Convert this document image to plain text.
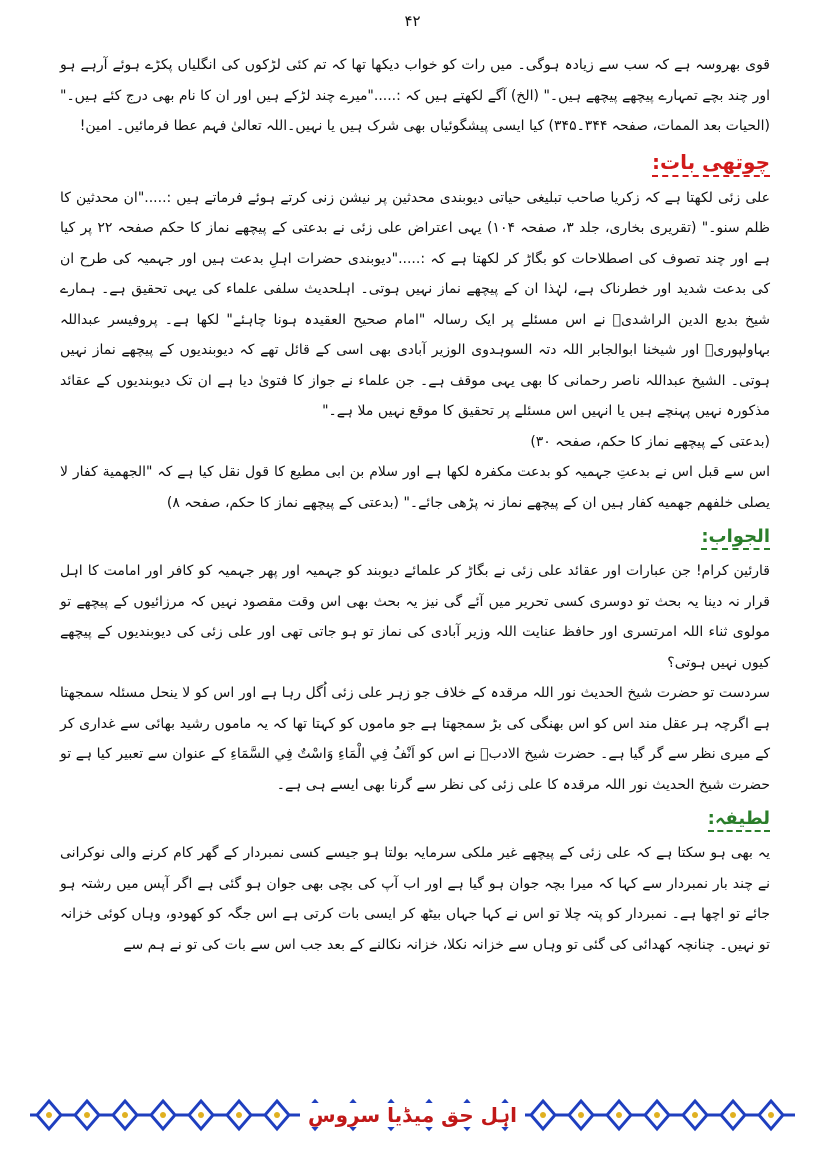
۴۲

قوی بھروسہ ہے کہ سب سے زیادہ ہوگی۔ میں رات کو خواب دیکھا تھا کہ تم کئی لڑکوں کی انگلیاں پکڑے ہوئے آرہے ہو اور چند بچے تمہارے پیچھے پیچھے ہیں۔" (الخ) آگے لکھتے ہیں کہ :....."میرے چند لڑکے ہیں اور ان کا نام بھی درج کئے ہیں۔" (الحیات بعد الممات، صفحہ ۳۴۴۔۳۴۵) کیا ایسی پیشگوئیاں بھی شرک ہیں یا نہیں۔اللہ تعالیٰ فہم عطا فرمائیں۔ امین!

چوتھی بات:

علی زئی لکھتا ہے کہ زکریا صاحب تبلیغی حیاتی دیوبندی محدثین پر نیشن زنی کرتے ہوئے فرماتے ہیں :....."ان محدثین کا ظلم سنو۔" (تقریری بخاری، جلد ۳، صفحہ ۱۰۴) یہی اعتراض علی زئی نے بدعتی کے پیچھے نماز کا حکم صفحہ ۲۲ پر کیا ہے اور چند تصوف کی اصطلاحات کو بگاڑ کر لکھتا ہے کہ :....."دیوبندی حضرات اہلِ بدعت ہیں اور جہمیہ کی طرح ان کی بدعت شدید اور خطرناک ہے، لہٰذا ان کے پیچھے نماز نہیں ہوتی۔ اہلحدیث سلفی علماء کی یہی تحقیق ہے۔ ہمارے شیخ بدیع الدین الراشدیؒ نے اس مسئلے پر ایک رسالہ "امام صحیح العقیدہ ہونا چاہئے" لکھا ہے۔ پروفیسر عبداللہ بہاولپوریؒ اور شیخنا ابوالجابر اللہ دتہ السوہدوی الوزیر آبادی بھی اسی کے قائل تھے کہ دیوبندیوں کے پیچھے نماز نہیں ہوتی۔ الشیخ عبداللہ ناصر رحمانی کا بھی یہی موقف ہے۔ جن علماء نے جواز کا فتویٰ دیا ہے ان تک دیوبندیوں کے عقائد مذکورہ نہیں پہنچے ہیں یا انہیں اس مسئلے پر تحقیق کا موقع نہیں ملا ہے۔"

(بدعتی کے پیچھے نماز کا حکم، صفحہ ۳۰)

اس سے قبل اس نے بدعتِ جہمیہ کو بدعت مکفرہ لکھا ہے اور سلام بن ابی مطیع کا قول نقل کیا ہے کہ "الجهمية كفار لا يصلى خلفهم جهميه كفار ہیں ان کے پیچھے نماز نہ پڑھی جائے۔" (بدعتی کے پیچھے نماز کا حکم، صفحہ ۸)

الجواب:

قارئین کرام! جن عبارات اور عقائد علی زئی نے بگاڑ کر علمائے دیوبند کو جہمیہ اور پھر جہمیہ کو کافر اور امامت کا اہل قرار نہ دینا یہ بحث تو دوسری کسی تحریر میں آئے گی نیز یہ بحث بھی اس وقت مقصود نہیں کہ مرزائیوں کے پیچھے تو مولوی ثناء اللہ امرتسری اور حافظ عنایت اللہ وزیر آبادی کی نماز تو ہو جاتی تھی اور علی زئی کی دیوبندیوں کے پیچھے کیوں نہیں ہوتی؟

سردست تو حضرت شیخ الحدیث نور اللہ مرقدہ کے خلاف جو زہر علی زئی اُگل رہا ہے اور اس کو لا ینحل مسئلہ سمجھتا ہے اگرچہ ہر عقل مند اس کو اس بھنگی کی بڑ سمجھتا ہے جو ماموں کو کہتا تھا کہ یہ ماموں رشید بھائی سے غداری کر کے میری نظر سے گر گیا ہے۔ حضرت شیخ الادبؒ نے اس کو اَنْفُ فِي الْمَاءِ وَاسْتٌ فِي السَّمَاءِ کے عنوان سے تعبیر کیا ہے تو حضرت شیخ الحدیث نور اللہ مرقدہ کا علی زئی کی نظر سے گرنا بھی ایسے ہی ہے۔

لطیفہ:

یہ بھی ہو سکتا ہے کہ علی زئی کے پیچھے غیر ملکی سرمایہ بولتا ہو جیسے کسی نمبردار کے گھر کام کرنے والی نوکرانی نے چند بار نمبردار سے کہا کہ میرا بچہ جوان ہو گیا ہے اور اب آپ کی بچی بھی جوان ہو گئی ہے اگر آپس میں رشتہ ہو جائے تو اچھا ہے۔ نمبردار کو پتہ چلا تو اس نے کہا جہاں بیٹھ کر ایسی بات کرتی ہے اس جگہ کو کھودو، وہاں کوئی خزانہ تو نہیں۔ چنانچہ کھدائی کی گئی تو وہاں سے خزانہ نکلا، خزانہ نکالنے کے بعد جب اس سے بات کی تو نے ہم سے

اہل حق میڈیا سروس
